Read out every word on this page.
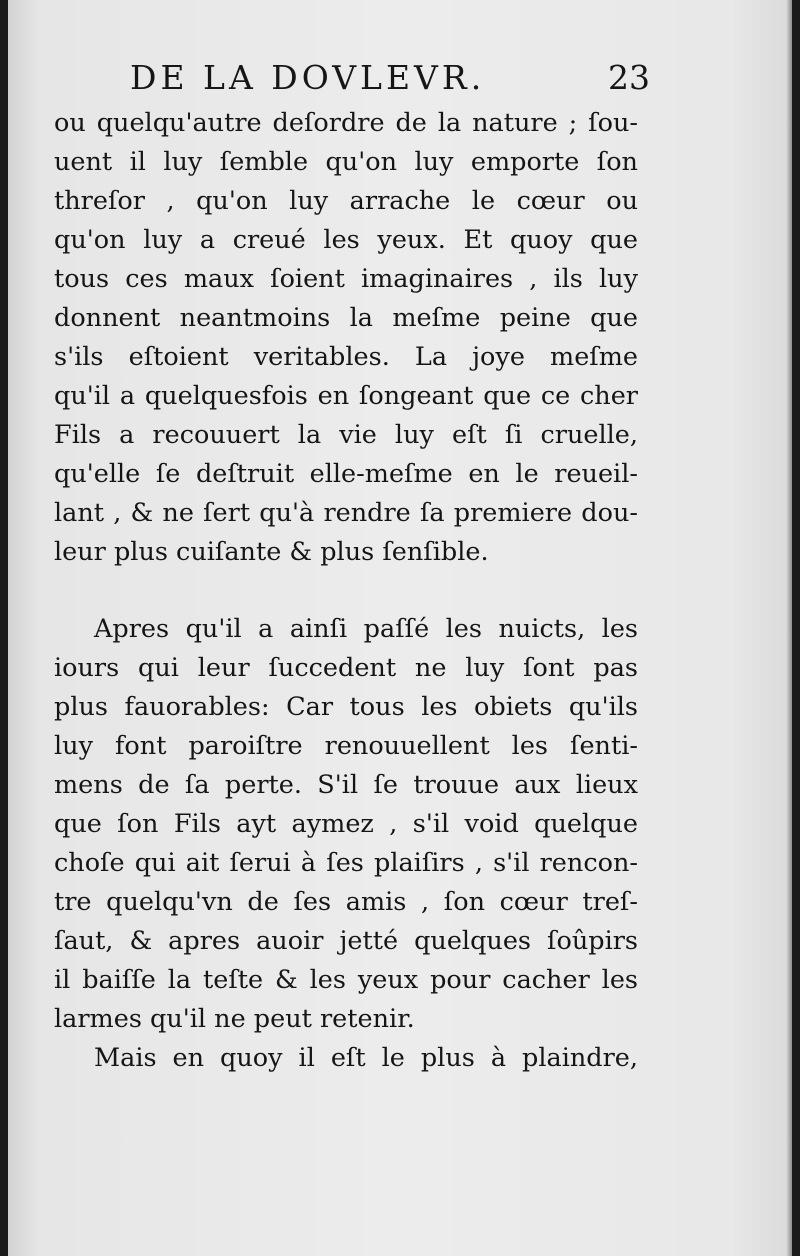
DE LA DOVLEVR.	23
ou quelqu'autre deſordre de la nature ; ſou-
uent il luy ſemble qu'on luy emporte ſon
threſor , qu'on luy arrache le cœur ou
qu'on luy a creué les yeux. Et quoy que
tous ces maux ſoient imaginaires , ils luy
donnent neantmoins la meſme peine que
s'ils eſtoient veritables. La joye meſme
qu'il a quelquesfois en ſongeant que ce cher
Fils a recouuert la vie luy eſt ſi cruelle,
qu'elle ſe deſtruit elle-meſme en le reueil-
lant , & ne ſert qu'à rendre ſa premiere dou-
leur plus cuiſante & plus ſenſible.
Apres qu'il a ainſi paſſé les nuicts, les
iours qui leur ſuccedent ne luy ſont pas
plus fauorables: Car tous les obiets qu'ils
luy font paroiſtre renouuellent les ſenti-
mens de ſa perte. S'il ſe trouue aux lieux
que ſon Fils ayt aymez , s'il void quelque
choſe qui ait ſerui à ſes plaiſirs , s'il rencon-
tre quelqu'vn de ſes amis , ſon cœur treſ-
ſaut, & apres auoir jetté quelques ſoûpirs
il baiſſe la teſte & les yeux pour cacher les
larmes qu'il ne peut retenir.
Mais en quoy il eſt le plus à plaindre,
